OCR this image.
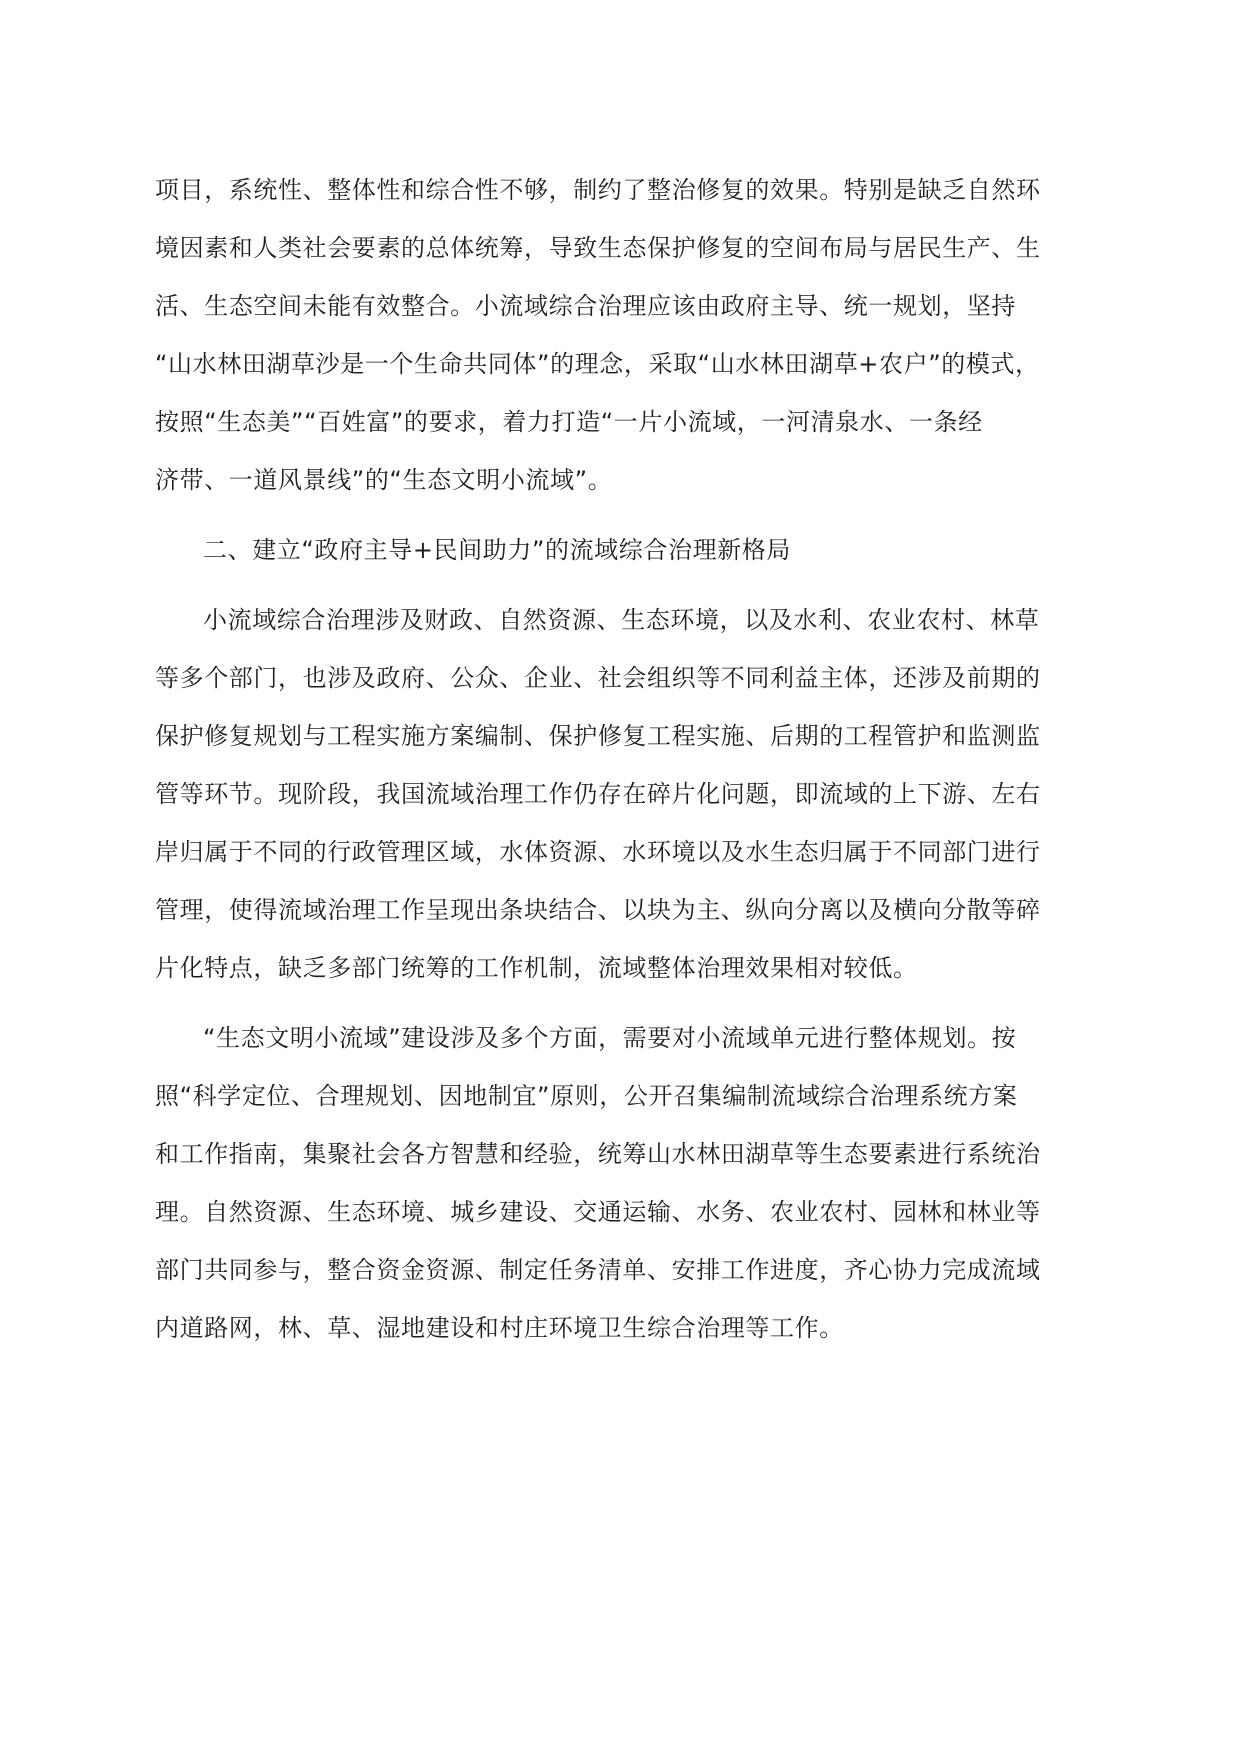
项目，系统性、整体性和综合性不够，制约了整治修复的效果。特别是缺乏自然环
境因素和人类社会要素的总体统筹，导致生态保护修复的空间布局与居民生产、生
活、生态空间未能有效整合。小流域综合治理应该由政府主导、统一规划，坚持
“山水林田湖草沙是一个生命共同体”的理念，采取“山水林田湖草+农户”的模式，
按照“生态美”“百姓富”的要求，着力打造“一片小流域，一河清泉水、一条经
济带、一道风景线”的“生态文明小流域”。
二、建立“政府主导+民间助力”的流域综合治理新格局
小流域综合治理涉及财政、自然资源、生态环境，以及水利、农业农村、林草
等多个部门，也涉及政府、公众、企业、社会组织等不同利益主体，还涉及前期的
保护修复规划与工程实施方案编制、保护修复工程实施、后期的工程管护和监测监
管等环节。现阶段，我国流域治理工作仍存在碎片化问题，即流域的上下游、左右
岸归属于不同的行政管理区域，水体资源、水环境以及水生态归属于不同部门进行
管理，使得流域治理工作呈现出条块结合、以块为主、纵向分离以及横向分散等碎
片化特点，缺乏多部门统筹的工作机制，流域整体治理效果相对较低。
“生态文明小流域”建设涉及多个方面，需要对小流域单元进行整体规划。按
照“科学定位、合理规划、因地制宜”原则，公开召集编制流域综合治理系统方案
和工作指南，集聚社会各方智慧和经验，统筹山水林田湖草等生态要素进行系统治
理。自然资源、生态环境、城乡建设、交通运输、水务、农业农村、园林和林业等
部门共同参与，整合资金资源、制定任务清单、安排工作进度，齐心协力完成流域
内道路网，林、草、湿地建设和村庄环境卫生综合治理等工作。
